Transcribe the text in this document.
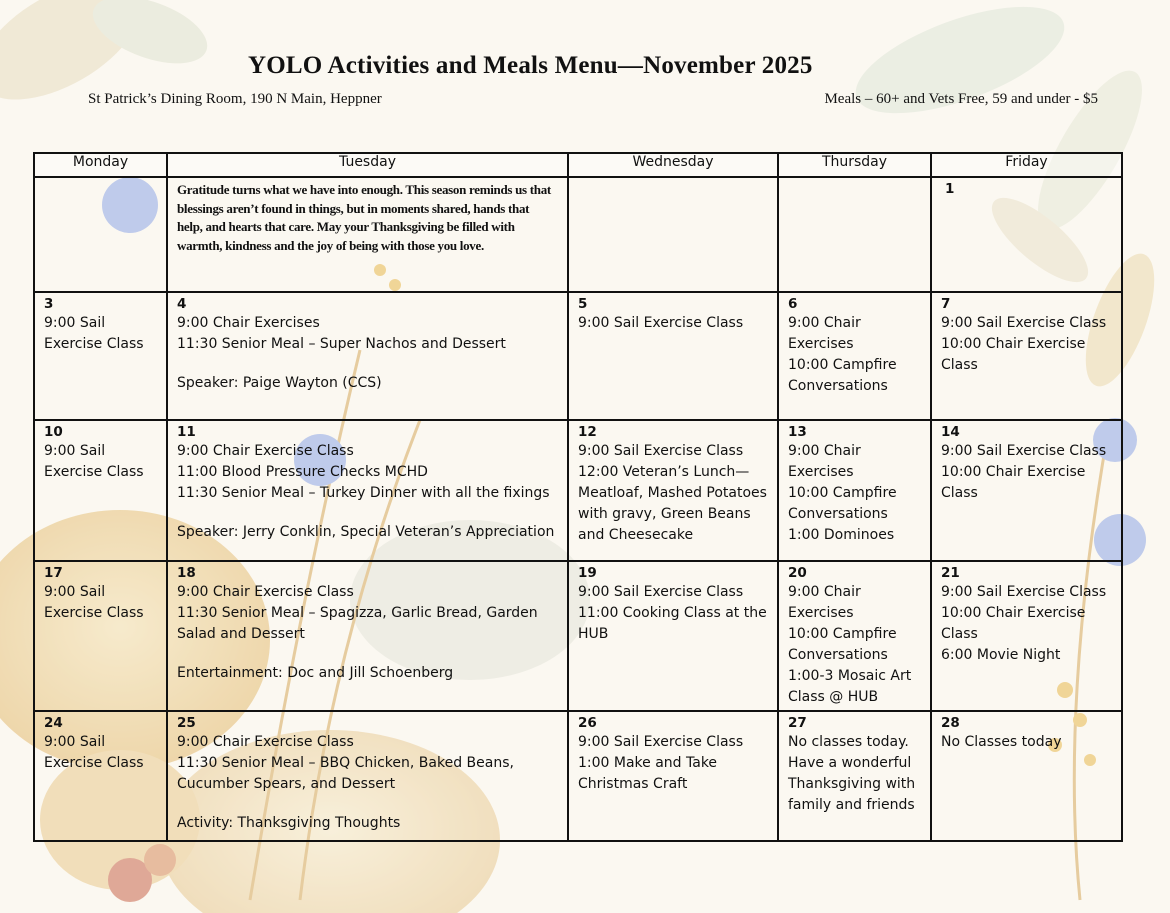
YOLO Activities and Meals Menu—November 2025
St Patrick’s Dining Room, 190 N Main, Heppner	Meals – 60+ and Vets Free, 59 and under - $5
Monday	Tuesday	Wednesday	Thursday	Friday

	Gratitude turns what we have into enough. This season reminds us that blessings aren’t found in things, but in moments shared, hands that help, and hearts that care. May your Thanksgiving be filled with warmth, kindness and the joy of being with those you love.			1

3
9:00 Sail Exercise Class	4
9:00 Chair Exercises
11:30 Senior Meal – Super Nachos and Dessert
Speaker: Paige Wayton (CCS)	5
9:00 Sail Exercise Class	6
9:00 Chair Exercises
10:00 Campfire Conversations	7
9:00 Sail Exercise Class
10:00 Chair Exercise Class

10
9:00 Sail Exercise Class	11
9:00 Chair Exercise Class
11:00 Blood Pressure Checks MCHD
11:30 Senior Meal – Turkey Dinner with all the fixings
Speaker: Jerry Conklin, Special Veteran’s Appreciation	12
9:00 Sail Exercise Class
12:00 Veteran’s Lunch—Meatloaf, Mashed Potatoes with gravy, Green Beans and Cheesecake	13
9:00 Chair Exercises
10:00 Campfire Conversations
1:00 Dominoes	14
9:00 Sail Exercise Class
10:00 Chair Exercise Class

17
9:00 Sail Exercise Class	18
9:00 Chair Exercise Class
11:30 Senior Meal – Spagizza, Garlic Bread, Garden Salad and Dessert
Entertainment: Doc and Jill Schoenberg	19
9:00 Sail Exercise Class
11:00 Cooking Class at the HUB	20
9:00 Chair Exercises
10:00 Campfire Conversations
1:00-3 Mosaic Art Class @ HUB	21
9:00 Sail Exercise Class
10:00 Chair Exercise Class
6:00 Movie Night

24
9:00 Sail Exercise Class	25
9:00 Chair Exercise Class
11:30 Senior Meal – BBQ Chicken, Baked Beans, Cucumber Spears, and Dessert
Activity: Thanksgiving Thoughts	26
9:00 Sail Exercise Class
1:00 Make and Take Christmas Craft	27
No classes today. Have a wonderful Thanksgiving with family and friends	28
No Classes today
